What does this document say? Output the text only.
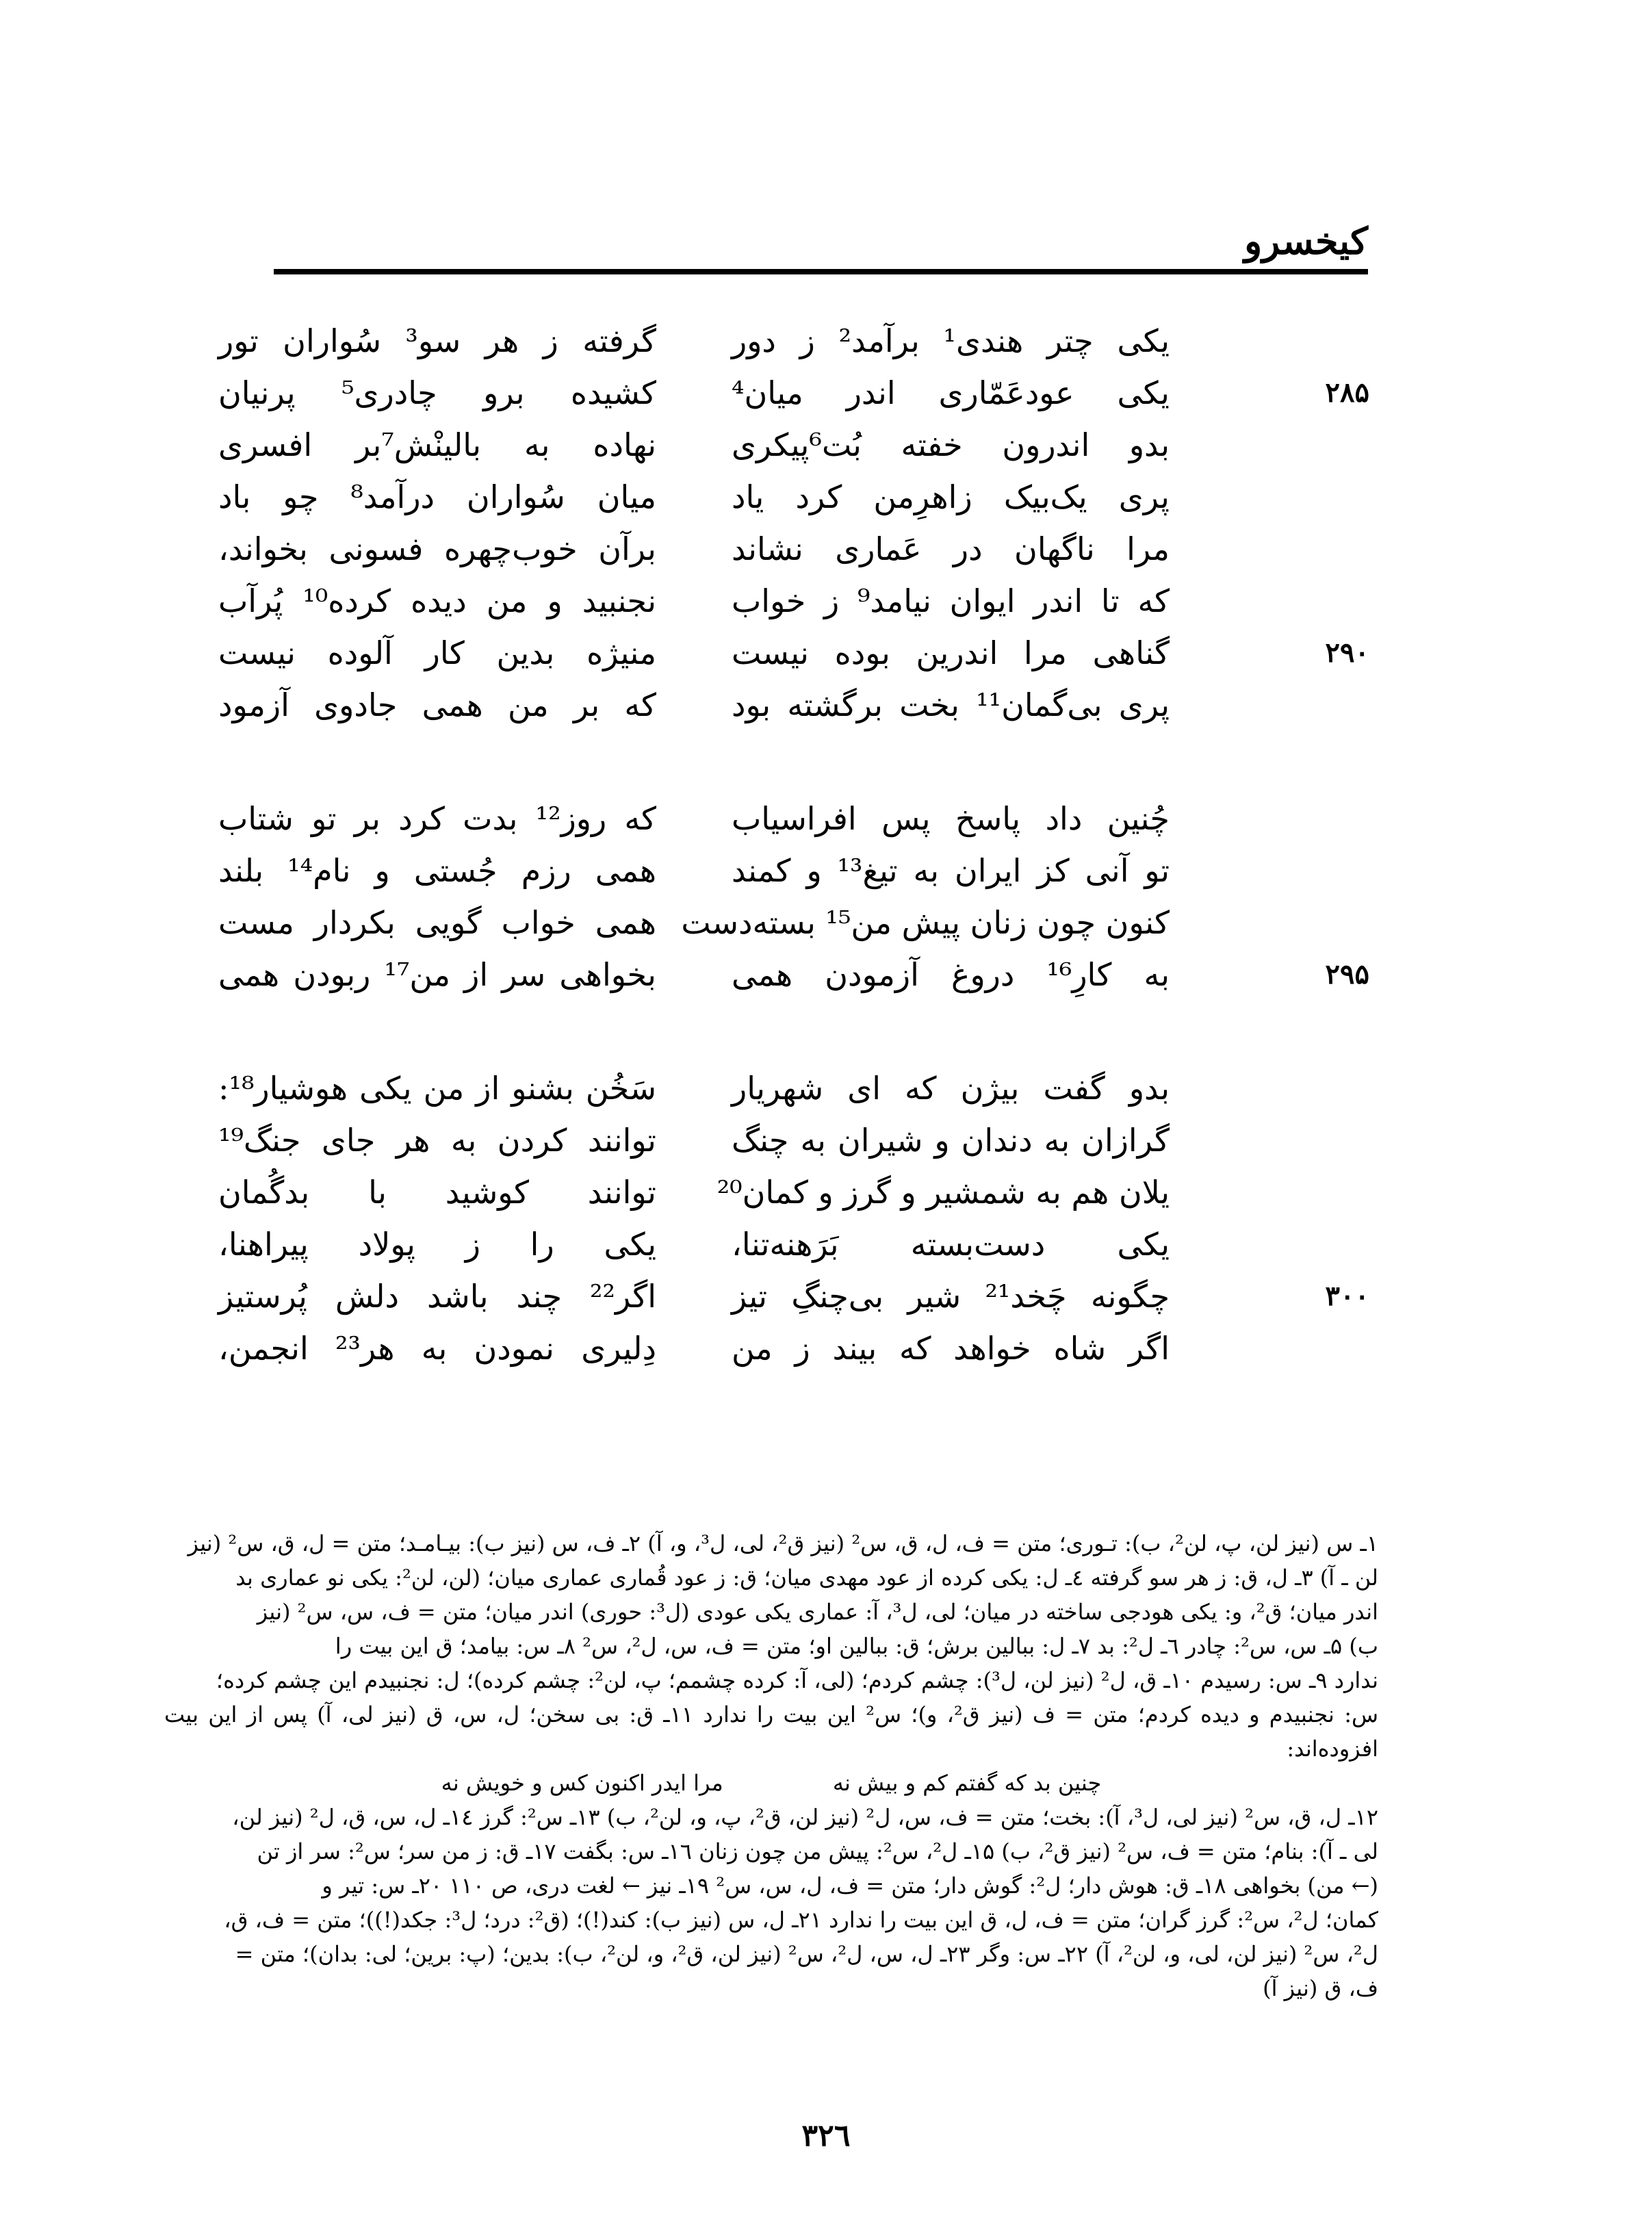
کیخسرو
یکی چتر هندی¹ برآمد² ز دور
گرفته ز هر سو³ سُواران تور
۲۸۵
یکی عودعَمّاری اندر میان⁴
کشیده برو چادری⁵ پرنیان
بدو اندرون خفته بُت⁶پیکری
نهاده به بالینْش⁷بر افسری
پری یک‌بیک زاهرِمن کرد یاد
میان سُواران درآمد⁸ چو باد
مرا ناگهان در عَماری نشاند
برآن خوب‌چهره فسونی بخواند،
که تا اندر ایوان نیامد⁹ ز خواب
نجنبید و من دیده کرده¹⁰ پُرآب
۲۹۰
گناهی مرا اندرین بوده نیست
منیژه بدین کار آلوده نیست
پری بی‌گمان¹¹ بخت برگشته بود
که بر من همی جادوی آزمود
چُنین داد پاسخ پس افراسیاب
که روز¹² بدت کرد بر تو شتاب
تو آنی کز ایران به تیغ¹³ و کمند
همی رزم جُستی و نام¹⁴ بلند
کنون چون زنان پیش من¹⁵ بسته‌دست
همی خواب گویی بکردار مست
۲۹۵
به کارِ¹⁶ دروغ آزمودن همی
بخواهی سر از من¹⁷ ربودن همی
بدو گفت بیژن که ای شهریار
سَخُن بشنو از من یکی هوشیار¹⁸:
گرازان به دندان و شیران به چنگ
توانند کردن به هر جای جنگ¹⁹
یلان هم به شمشیر و گرز و کمان²⁰
توانند کوشید با بدگُمان
یکی دست‌بسته بَرَهنه‌تنا،
یکی را ز پولاد پیراهنا،
۳۰۰
چگونه چَخد²¹ شیر بی‌چنگِ تیز
اگر²² چند باشد دلش پُرستیز
اگر شاه خواهد که بیند ز من
دِلیری نمودن به هر²³ انجمن،
۱ـ س (نیز لن، پ، لن²، ب): تـوری؛ متن = ف، ل، ق، س² (نیز ق²، لی، ل³، و، آ) ۲ـ ف، س (نیز ب): بیـامـد؛ متن = ل، ق، س² (نیز
لن ـ آ) ۳ـ ل، ق: ز هر سو گرفته ٤ـ ل: یکی کرده از عود مهدی میان؛ ق: ز عود قُماری عماری میان؛ (لن، لن²: یکی نو عماری بد
اندر میان؛ ق²، و: یکی هودجی ساخته در میان؛ لی، ل³، آ: عماری یکی عودی (ل³: حوری) اندر میان؛ متن = ف، س، س² (نیز
ب) ۵ـ س، س²: چادر ٦ـ ل²: بد ۷ـ ل: ببالین برش؛ ق: ببالین او؛ متن = ف، س، ل²، س² ۸ـ س: بیامد؛ ق این بیت را
ندارد ۹ـ س: رسیدم ۱۰ـ ق، ل² (نیز لن، ل³): چشم کردم؛ (لی، آ: کرده چشمم؛ پ، لن²: چشم کرده)؛ ل: نجنبیدم این چشم کرده؛
س: نجنبیدم و دیده کردم؛ متن = ف (نیز ق²، و)؛ س² این بیت را ندارد ۱۱ـ ق: بی سخن؛ ل، س، ق (نیز لی، آ) پس از این بیت افزوده‌اند:
چنین بد که گفتم کم و بیش نه
مرا ایدر اکنون کس و خویش نه
۱۲ـ ل، ق، س² (نیز لی، ل³، آ): بخت؛ متن = ف، س، ل² (نیز لن، ق²، پ، و، لن²، ب) ۱۳ـ س²: گرز ۱٤ـ ل، س، ق، ل² (نیز لن،
لی ـ آ): بنام؛ متن = ف، س² (نیز ق²، ب) ۱۵ـ ل²، س²: پیش من چون زنان ۱٦ـ س: بگفت ۱۷ـ ق: ز من سر؛ س²: سر از تن
(← من) بخواهی ۱۸ـ ق: هوش دار؛ ل²: گوش دار؛ متن = ف، ل، س، س² ۱۹ـ نیز ← لغت دری، ص ۱۱۰ ۲۰ـ س: تیر و
کمان؛ ل²، س²: گرز گران؛ متن = ف، ل، ق این بیت را ندارد ۲۱ـ ل، س (نیز ب): کند(!)؛ (ق²: درد؛ ل³: جکد(!))؛ متن = ف، ق،
ل²، س² (نیز لن، لی، و، لن²، آ) ۲۲ـ س: وگر ۲۳ـ ل، س، ل²، س² (نیز لن، ق²، و، لن²، ب): بدین؛ (پ: برین؛ لی: بدان)؛ متن =
ف، ق (نیز آ)
۳۲٦
